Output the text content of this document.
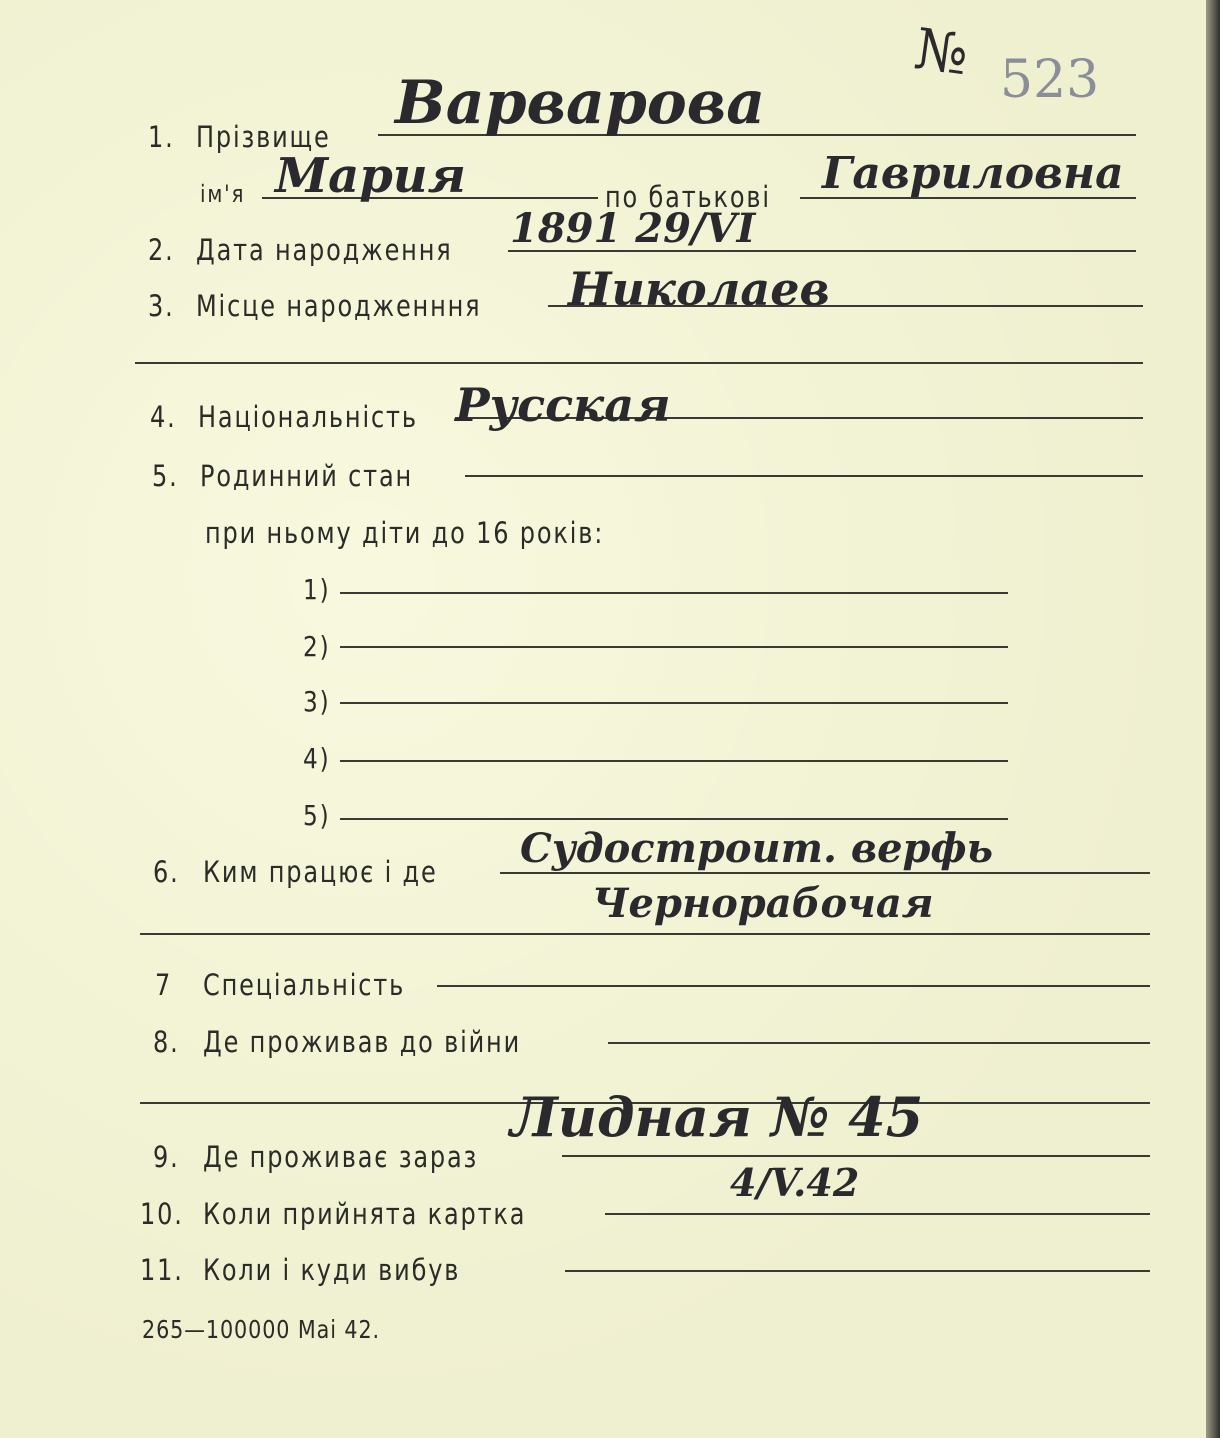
№ 523
1. Прізвище Варварова
ім'я Мария	по батькові Гавриловна
2. Дата народження 1891 29/VI
3. Місце народженння Николаев
4. Національність Русская
5. Родинний стан
при ньому діти до 16 років:
1)
2)
3)
4)
5)
6. Ким працює і де Судостроит. верфь
Чернорабочая
7 Спеціальність
8. Де проживав до війни
9. Де проживає зараз
Лидная № 45
10. Коли прийнята картка
4/V.42
11. Коли і куди вибув
265—100000 Маі 42.
